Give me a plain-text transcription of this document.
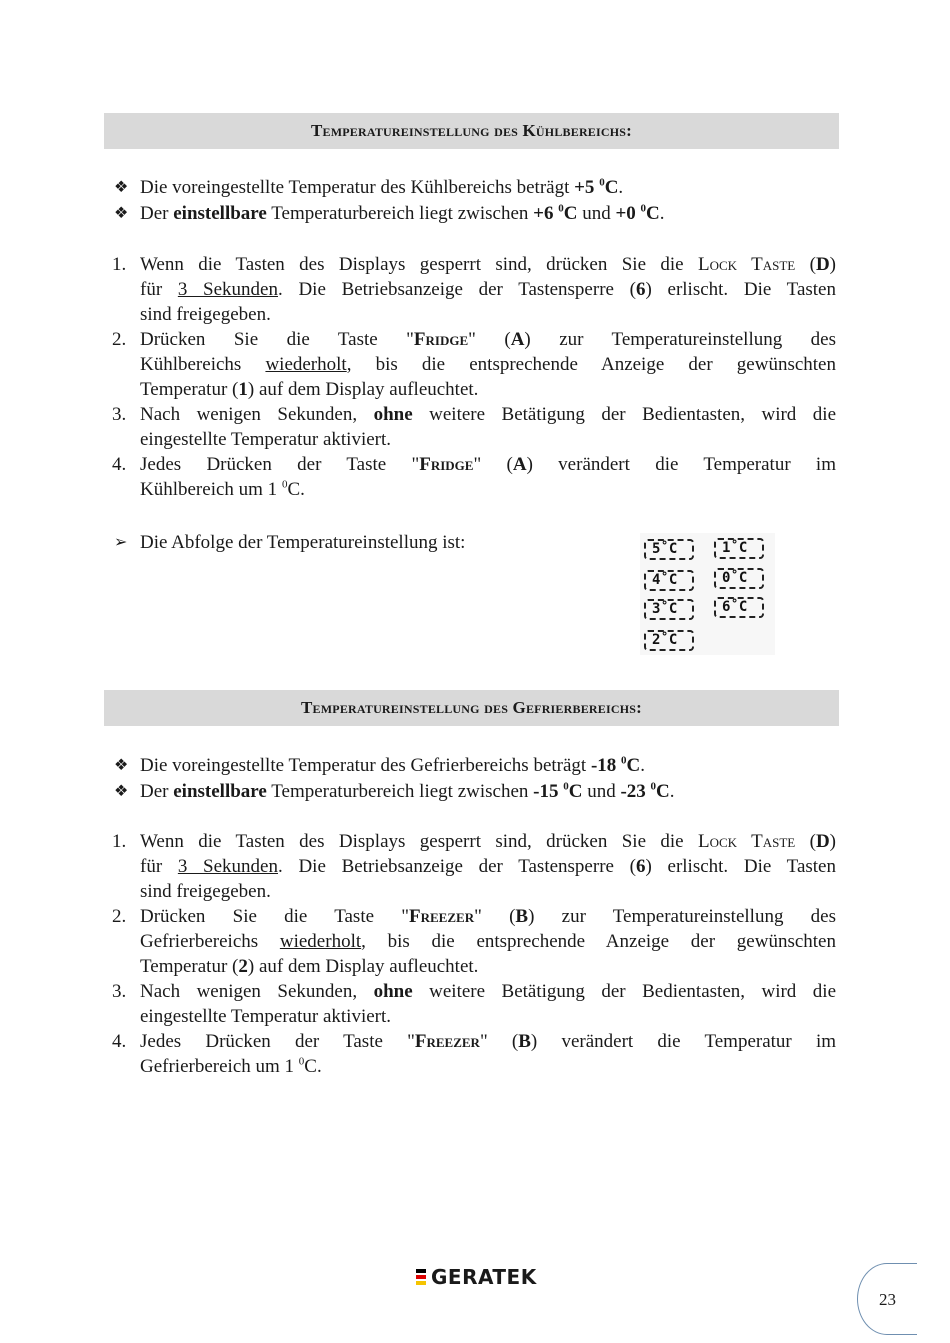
Temperatureinstellung des Kühlbereichs:
❖ Die voreingestellte Temperatur des Kühlbereichs beträgt +5 $^0$C.
❖ Der einstellbare Temperaturbereich liegt zwischen +6 $^0$C und +0 $^0$C.
1. Wenn die Tasten des Displays gesperrt sind, drücken Sie die Lock Taste (D)
für 3 Sekunden. Die Betriebsanzeige der Tastensperre (6) erlischt. Die Tasten
sind freigegeben.
2. Drücken Sie die Taste "Fridge" (A) zur Temperatureinstellung des
Kühlbereichs wiederholt, bis die entsprechende Anzeige der gewünschten
Temperatur (1) auf dem Display aufleuchtet.
3. Nach wenigen Sekunden, ohne weitere Betätigung der Bedientasten, wird die
eingestellte Temperatur aktiviert.
4. Jedes Drücken der Taste "Fridge" (A) verändert die Temperatur im
Kühlbereich um 1 $^0$C.
➢ Die Abfolge der Temperatureinstellung ist:	5˚C	1˚C
4˚C	0˚C
3˚C	6˚C
2˚C
Temperatureinstellung des Gefrierbereichs:
❖ Die voreingestellte Temperatur des Gefrierbereichs beträgt -18 $^0$C.
❖ Der einstellbare Temperaturbereich liegt zwischen -15 $^0$C und -23 $^0$C.
1. Wenn die Tasten des Displays gesperrt sind, drücken Sie die Lock Taste (D)
für 3 Sekunden. Die Betriebsanzeige der Tastensperre (6) erlischt. Die Tasten
sind freigegeben.
2. Drücken Sie die Taste "Freezer" (B) zur Temperatureinstellung des
Gefrierbereichs wiederholt, bis die entsprechende Anzeige der gewünschten
Temperatur (2) auf dem Display aufleuchtet.
3. Nach wenigen Sekunden, ohne weitere Betätigung der Bedientasten, wird die
eingestellte Temperatur aktiviert.
4. Jedes Drücken der Taste "Freezer" (B) verändert die Temperatur im
Gefrierbereich um 1 $^0$C.
GERATEK
23
